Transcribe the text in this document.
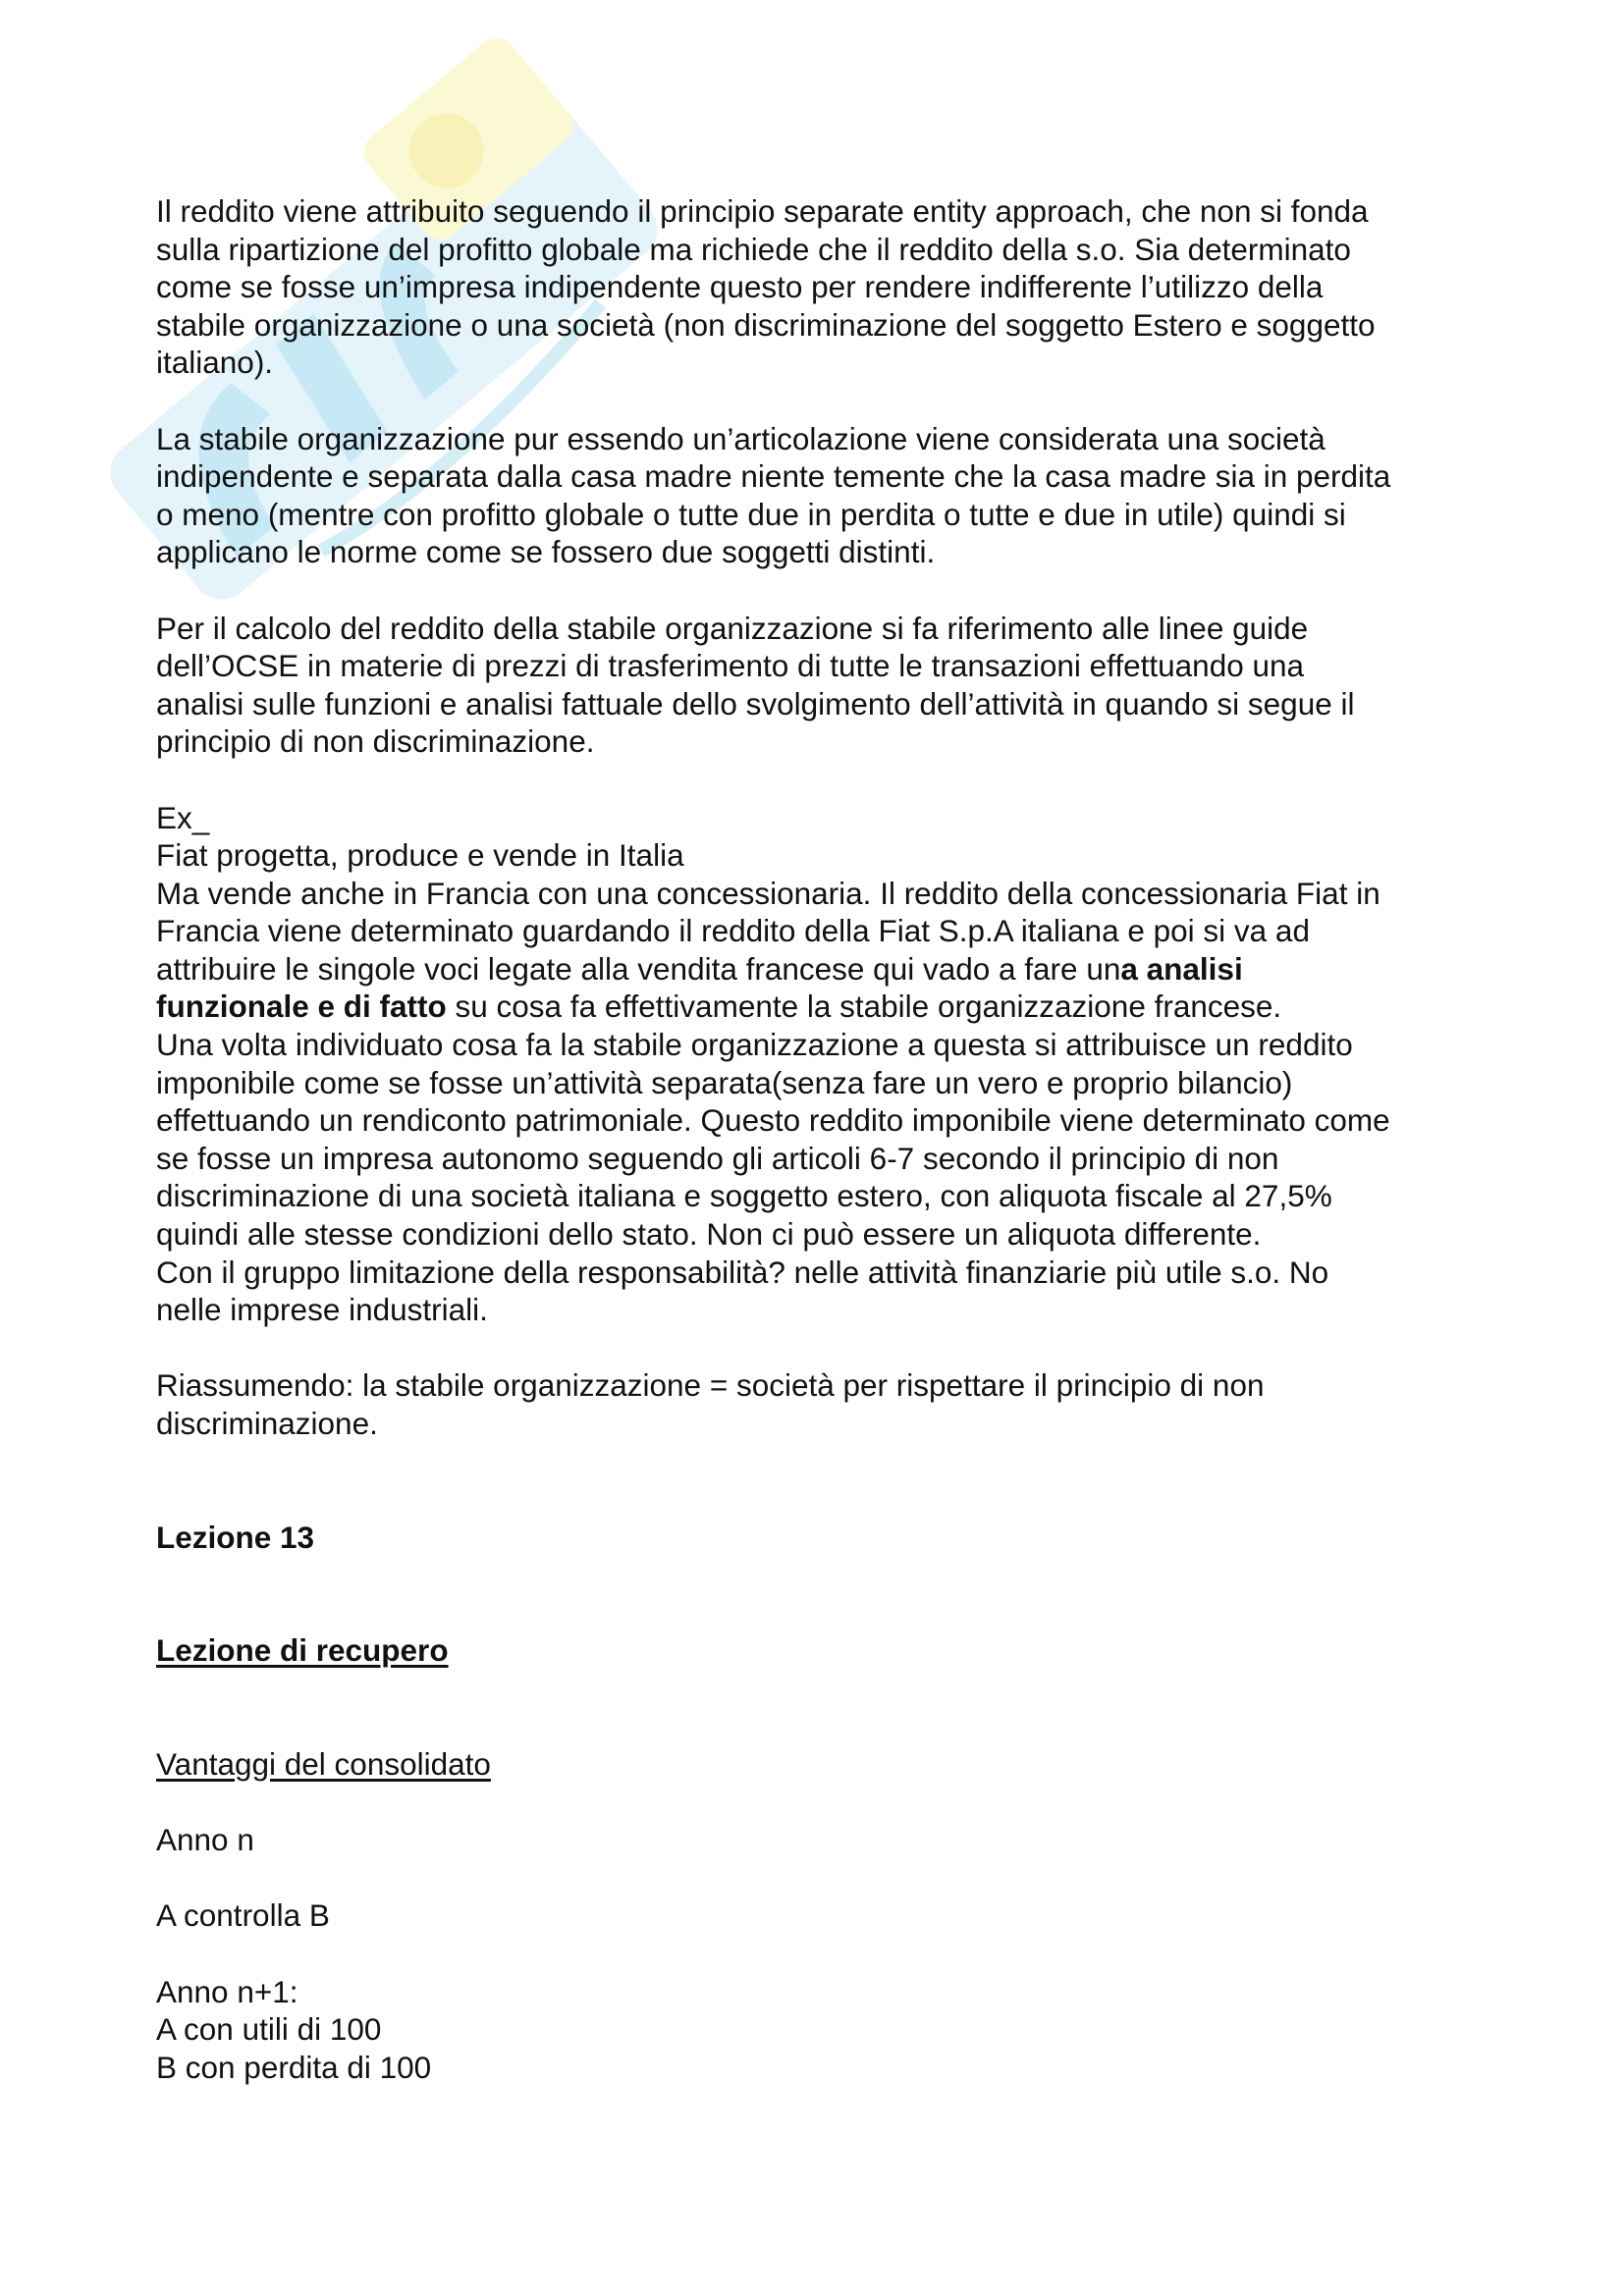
Il reddito viene attribuito seguendo il principio separate entity approach, che non si fonda
sulla ripartizione del profitto globale ma richiede che il reddito della s.o. Sia determinato
come se fosse un’impresa indipendente questo per rendere indifferente l’utilizzo della
stabile organizzazione o una società (non discriminazione del soggetto Estero e soggetto
italiano).

La stabile organizzazione pur essendo un’articolazione viene considerata una società
indipendente e separata dalla casa madre niente temente che la casa madre sia in perdita
o meno (mentre con profitto globale o tutte due in perdita o tutte e due in utile) quindi si
applicano le norme come se fossero due soggetti distinti.

Per il calcolo del reddito della stabile organizzazione si fa riferimento alle linee guide
dell’OCSE in materie di prezzi di trasferimento di tutte le transazioni effettuando una
analisi sulle funzioni e analisi fattuale dello svolgimento dell’attività in quando si segue il
principio di non discriminazione.

Ex_
Fiat progetta, produce e vende in Italia
Ma vende anche in Francia con una concessionaria. Il reddito della concessionaria Fiat in
Francia viene determinato guardando il reddito della Fiat S.p.A italiana e poi si va ad
attribuire le singole voci legate alla vendita francese qui vado a fare una analisi
funzionale e di fatto su cosa fa effettivamente la stabile organizzazione francese.
Una volta individuato cosa fa la stabile organizzazione a questa si attribuisce un reddito
imponibile come se fosse un’attività separata(senza fare un vero e proprio bilancio)
effettuando un rendiconto patrimoniale. Questo reddito imponibile viene determinato come
se fosse un impresa autonomo seguendo gli articoli 6-7 secondo il principio di non
discriminazione di una società italiana e soggetto estero, con aliquota fiscale al 27,5%
quindi alle stesse condizioni dello stato. Non ci può essere un aliquota differente.
Con il gruppo limitazione della responsabilità? nelle attività finanziarie più utile s.o. No
nelle imprese industriali.

Riassumendo: la stabile organizzazione = società per rispettare il principio di non
discriminazione.

Lezione 13

Lezione di recupero

Vantaggi del consolidato

Anno n

A controlla B

Anno n+1:
A con utili di 100
B con perdita di 100
